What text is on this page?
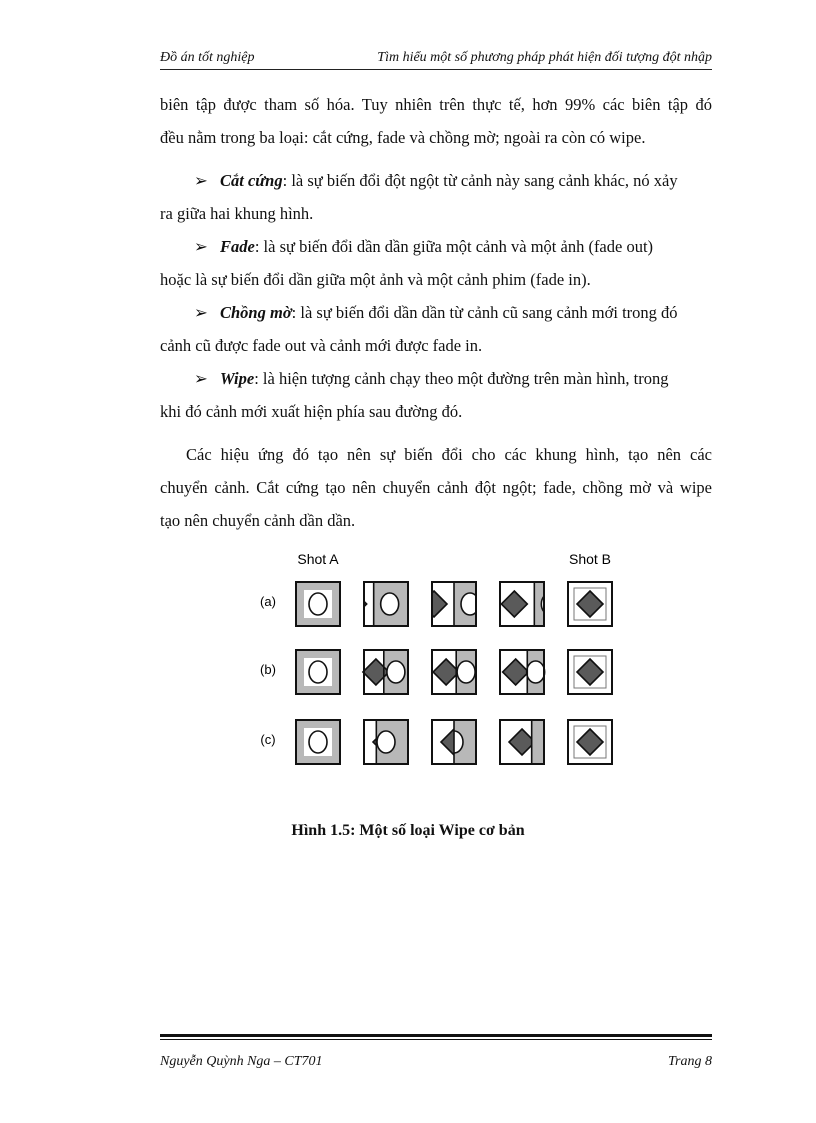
Đồ án tốt nghiệp	Tìm hiểu một số phương pháp phát hiện đối tượng đột nhập

biên tập được tham số hóa. Tuy nhiên trên thực tế, hơn 99% các biên tập đó

đều nằm trong ba loại: cắt cứng, fade và chồng mờ; ngoài ra còn có wipe.

➢ Cắt cứng: là sự biến đổi đột ngột từ cảnh này sang cảnh khác, nó xảy

ra giữa hai khung hình.

➢ Fade: là sự biến đổi dần dần giữa một cảnh và một ảnh (fade out)

hoặc là sự biến đổi dần giữa một ảnh và một cảnh phim (fade in).

➢ Chồng mờ: là sự biến đổi dần dần từ cảnh cũ sang cảnh mới trong đó

cảnh cũ được fade out và cảnh mới được fade in.

➢ Wipe: là hiện tượng cảnh chạy theo một đường trên màn hình, trong

khi đó cảnh mới xuất hiện phía sau đường đó.

Các hiệu ứng đó tạo nên sự biến đổi cho các khung hình, tạo nên các

chuyển cảnh. Cắt cứng tạo nên chuyển cảnh đột ngột; fade, chồng mờ và wipe

tạo nên chuyển cảnh dần dần.

Shot A	Shot B
(a)
(b)
(c)
Hình 1.5: Một số loại Wipe cơ bản
Nguyễn Quỳnh Nga – CT701	Trang 8
